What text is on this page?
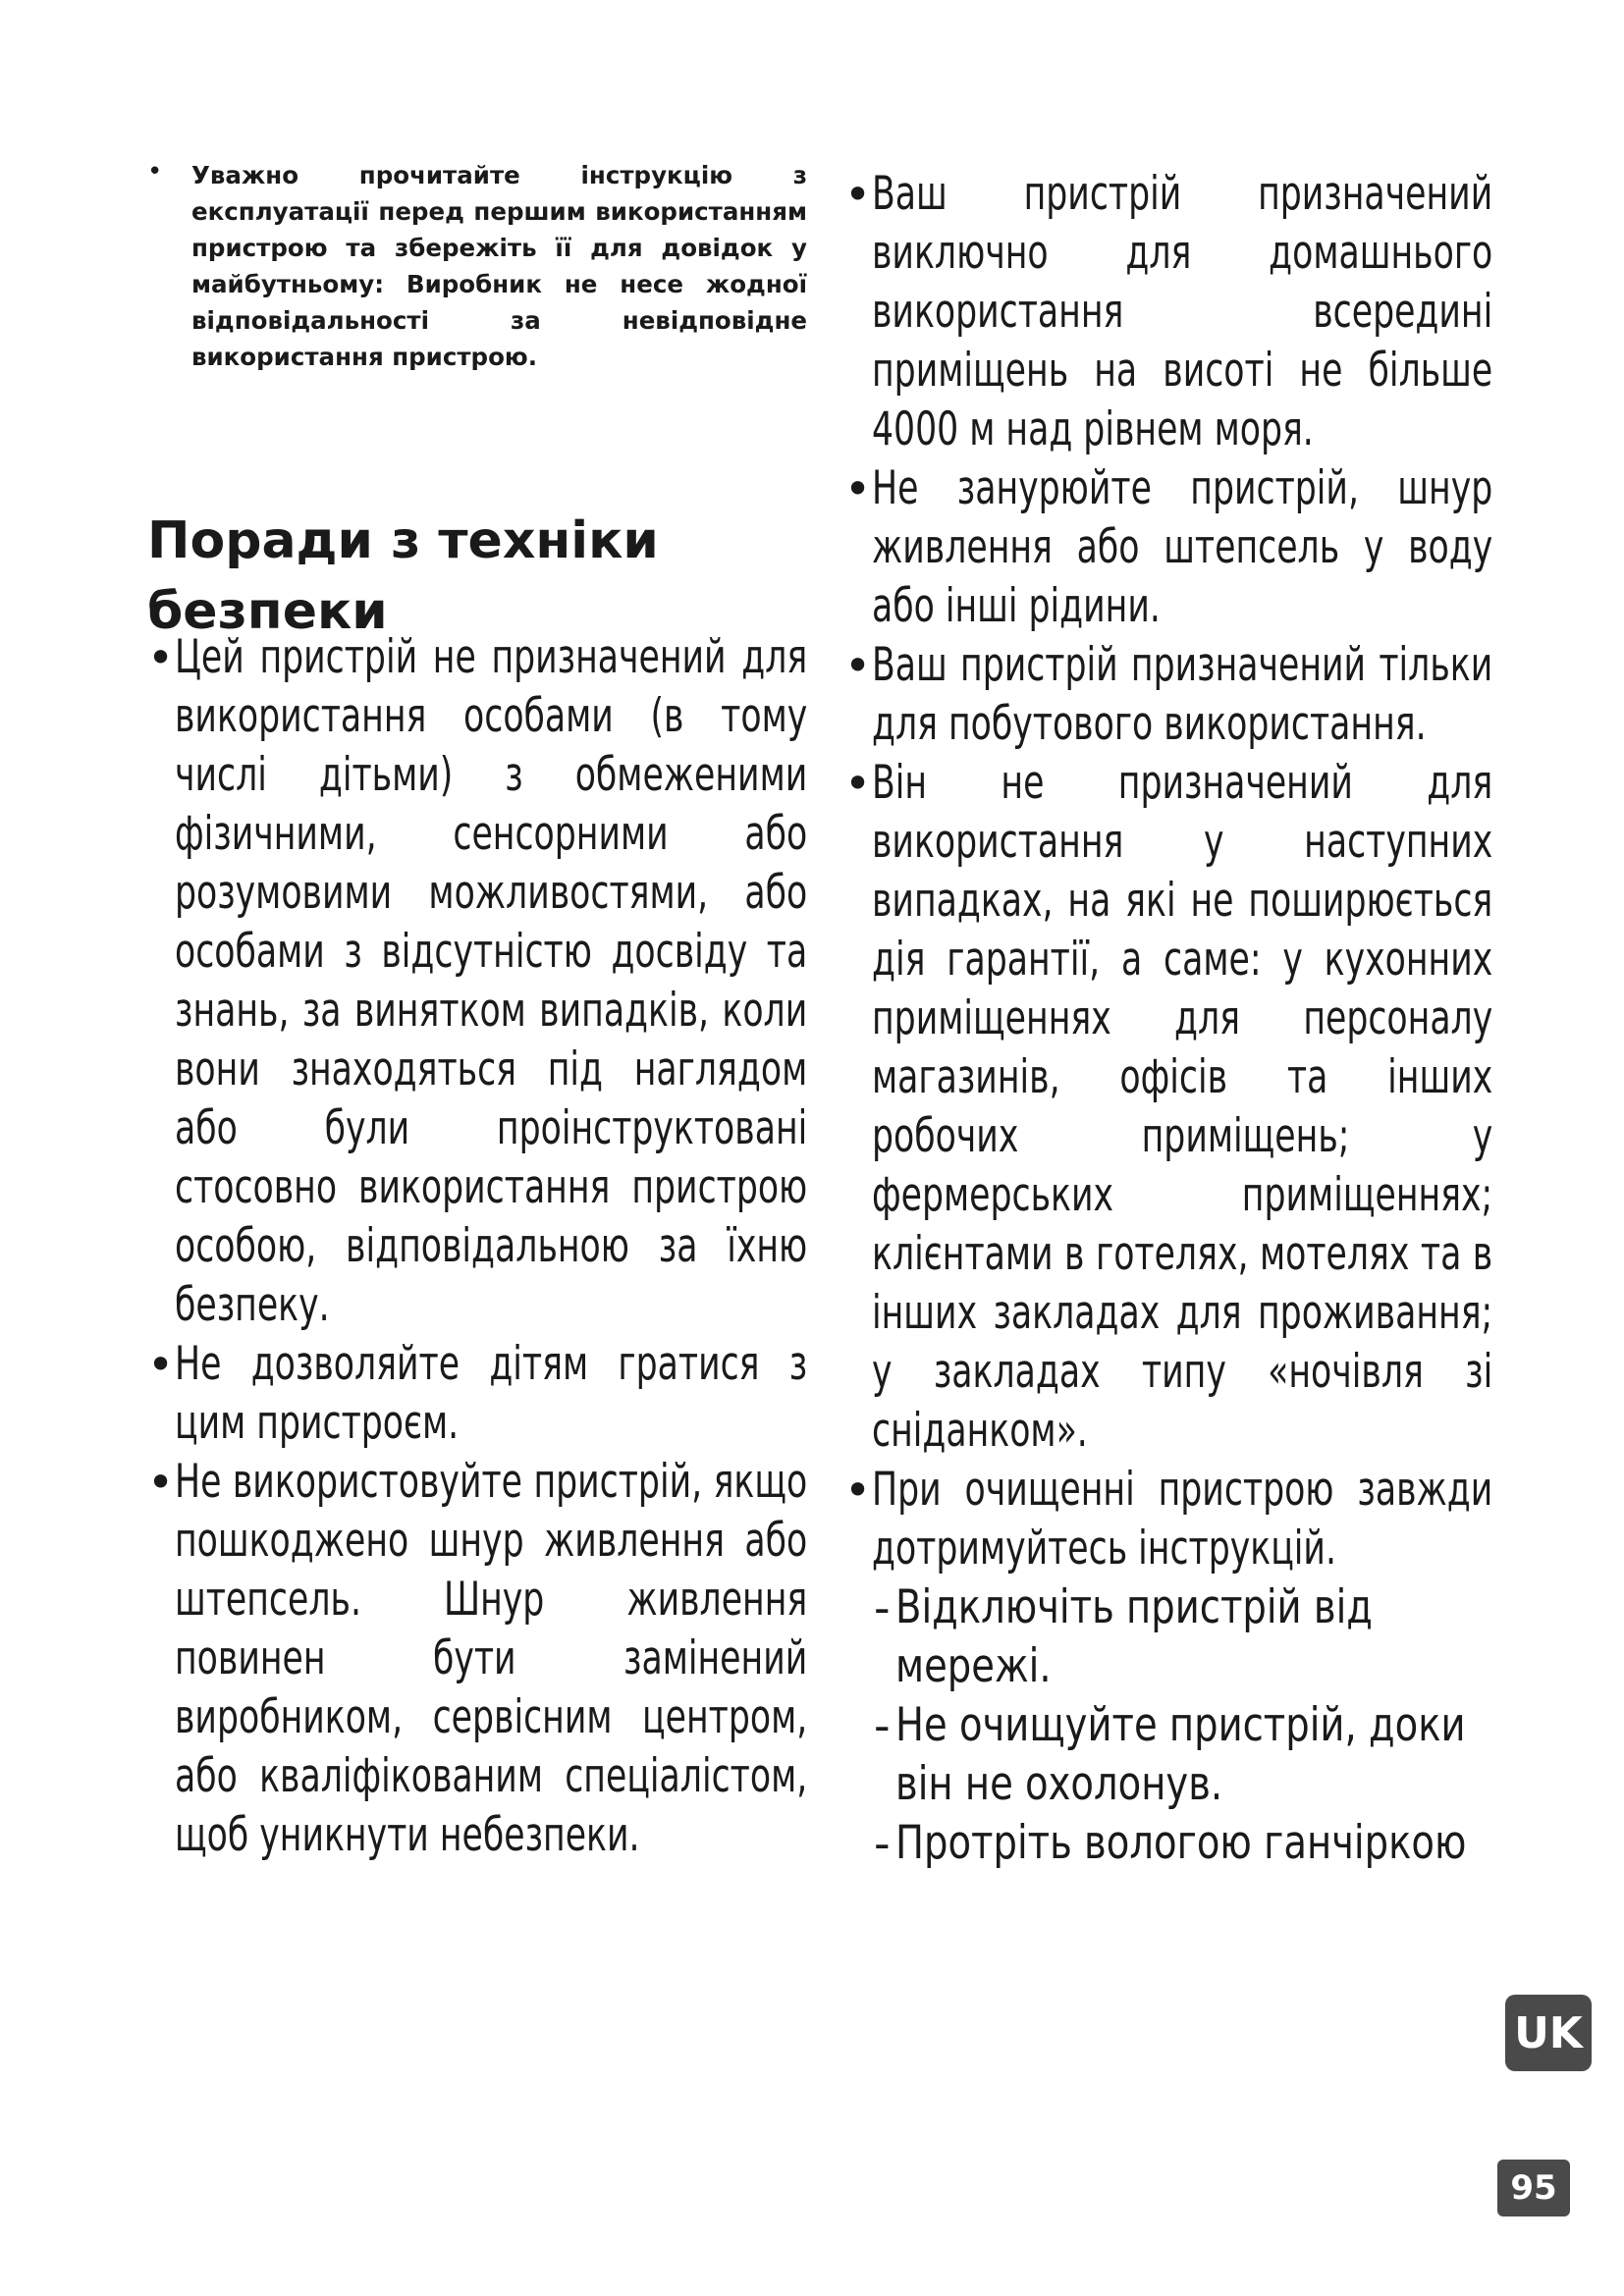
• Уважно прочитайте інструкцію з експлуатації перед першим використанням пристрою та збережіть її для довідок у майбутньому: Виробник не несе жодної відповідальності за невідповідне використання пристрою.
Поради з техніки
безпеки
• Цей пристрій не призначений для використання особами (в тому числі дітьми) з обмеженими фізичними, сенсорними або розумовими можливостями, або особами з відсутністю досвіду та знань, за винятком випадків, коли вони знаходяться під наглядом або були проінструктовані стосовно використання пристрою особою, відповідальною за їхню безпеку.
• Не дозволяйте дітям гратися з цим пристроєм.
• Не використовуйте пристрій, якщо пошкоджено шнур живлення або штепсель. Шнур живлення повинен бути замінений виробником, сервісним центром, або кваліфікованим спеціалістом, щоб уникнути небезпеки.
• Ваш пристрій призначений виключно для домашнього використання всередині приміщень на висоті не більше 4000 м над рівнем моря.
• Не занурюйте пристрій, шнур живлення або штепсель у воду або інші рідини.
• Ваш пристрій призначений тільки для побутового використання.
• Він не призначений для використання у наступних випадках, на які не поширюється дія гарантії, а саме: у кухонних приміщеннях для персоналу магазинів, офісів та інших робочих приміщень; у фермерських приміщеннях; клієнтами в готелях, мотелях та в інших закладах для проживання; у закладах типу «ночівля зі сніданком».
• При очищенні пристрою завжди дотримуйтесь інструкцій.
- Відключіть пристрій від мережі.
- Не очищуйте пристрій, доки він не охолонув.
- Протріть вологою ганчіркою
UK
95
